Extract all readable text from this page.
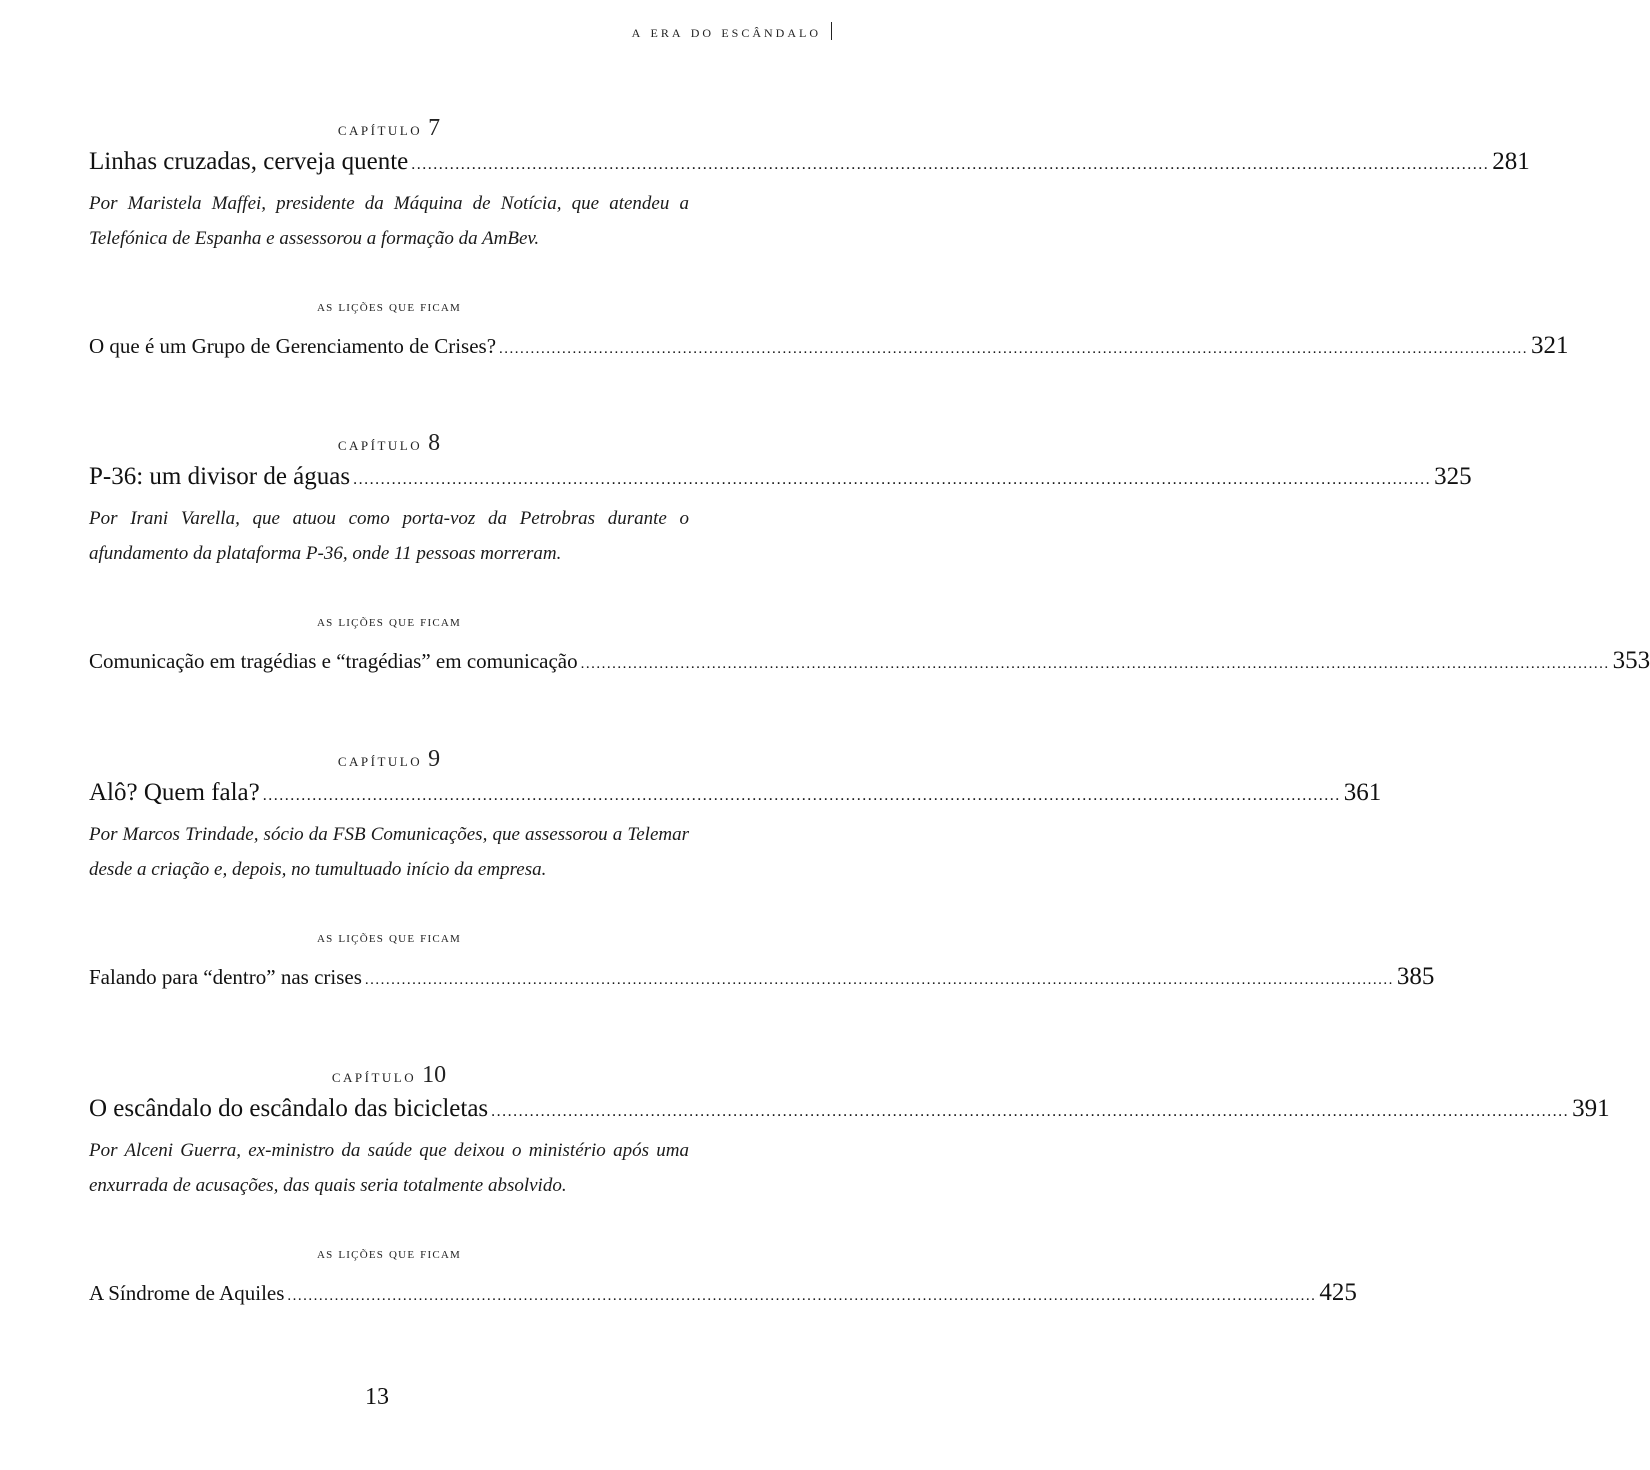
a era do escândalo
capítulo 7
Linhas cruzadas, cerveja quente .................................................................................................................................................................................................... 281
Por Maristela Maffei, presidente da Máquina de Notícia, que atendeu a Telefónica de Espanha e assessorou a formação da AmBev.
as lições que ficam
O que é um Grupo de Gerenciamento de Crises? .................................................................................................................................................................................................... 321
capítulo 8
P-36: um divisor de águas .................................................................................................................................................................................................... 325
Por Irani Varella, que atuou como porta-voz da Petrobras durante o afundamento da plataforma P-36, onde 11 pessoas morreram.
as lições que ficam
Comunicação em tragédias e “tragédias” em comunicação .................................................................................................................................................................................................... 353
capítulo 9
Alô? Quem fala? .................................................................................................................................................................................................... 361
Por Marcos Trindade, sócio da FSB Comunicações, que assessorou a Telemar desde a criação e, depois, no tumultuado início da empresa.
as lições que ficam
Falando para “dentro” nas crises .................................................................................................................................................................................................... 385
capítulo 10
O escândalo do escândalo das bicicletas .................................................................................................................................................................................................... 391
Por Alceni Guerra, ex-ministro da saúde que deixou o ministério após uma enxurrada de acusações, das quais seria totalmente absolvido.
as lições que ficam
A Síndrome de Aquiles .................................................................................................................................................................................................... 425
13
